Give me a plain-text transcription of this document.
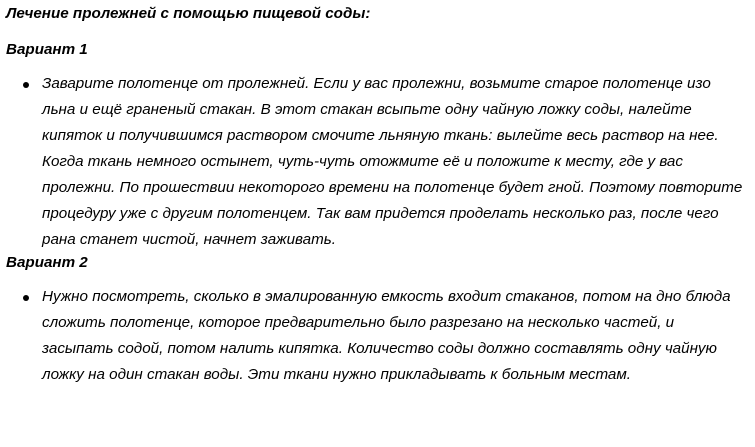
Лечение пролежней с помощью пищевой соды:
Вариант 1
Заварите полотенце от пролежней. Если у вас пролежни, возьмите старое полотенце изо льна и ещё граненый стакан. В этот стакан всыпьте одну чайную ложку соды, налейте кипяток и получившимся раствором смочите льняную ткань: вылейте весь раствор на нее. Когда ткань немного остынет, чуть-чуть отожмите её и положите к месту, где у вас пролежни. По прошествии некоторого времени на полотенце будет гной. Поэтому повторите процедуру уже с другим полотенцем. Так вам придется проделать несколько раз, после чего рана станет чистой, начнет заживать.
Вариант 2
Нужно посмотреть, сколько в эмалированную емкость входит стаканов, потом на дно блюда сложить полотенце, которое предварительно было разрезано на несколько частей, и засыпать содой, потом налить кипятка. Количество соды должно составлять одну чайную ложку на один стакан воды. Эти ткани нужно прикладывать к больным местам.
